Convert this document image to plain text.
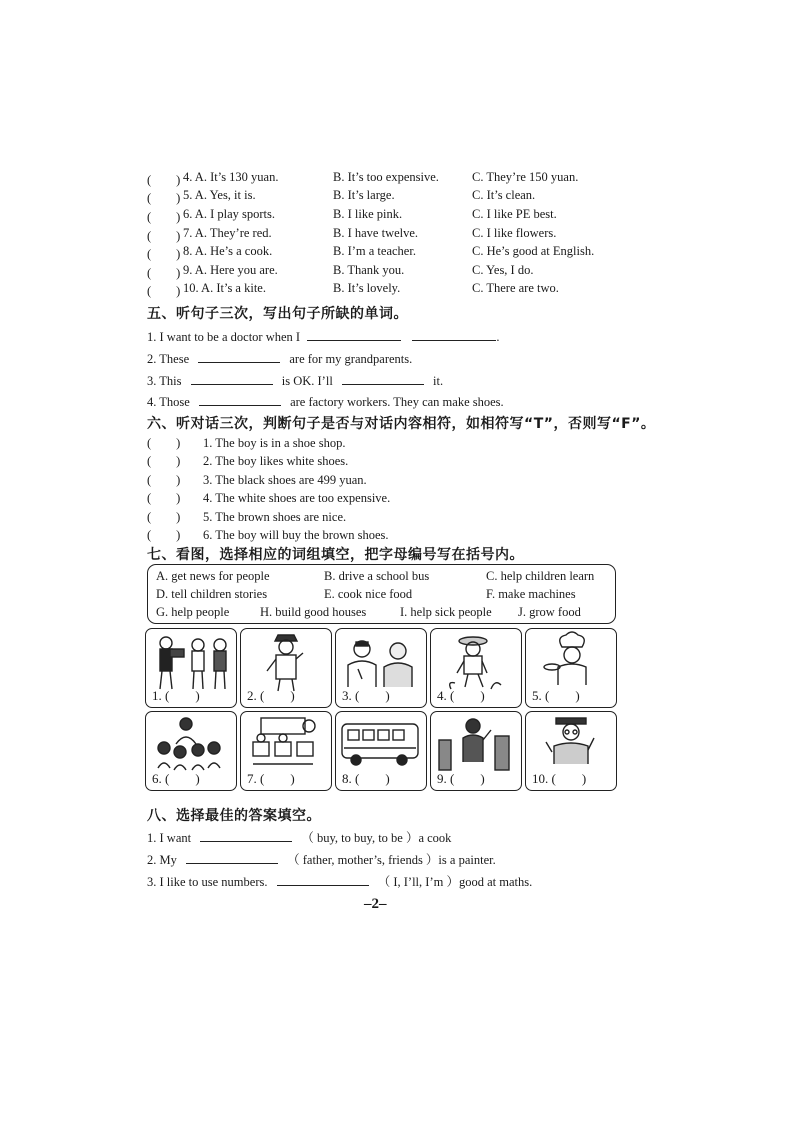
(　　) 4. A. It’s 130 yuan.	B. It’s too expensive.	C. They’re 150 yuan.
(　　) 5. A. Yes, it is.	B. It’s large.	C. It’s clean.
(　　) 6. A. I play sports.	B. I like pink.	C. I like PE best.
(　　) 7. A. They’re red.	B. I have twelve.	C. I like flowers.
(　　) 8. A. He’s a cook.	B. I’m a teacher.	C. He’s good at English.
(　　) 9. A. Here you are.	B. Thank you.	C. Yes, I do.
(　　) 10. A. It’s a kite.	B. It’s lovely.	C. There are two.
五、听句子三次，写出句子所缺的单词。
1. I want to be a doctor when I	.
2. These	are for my grandparents.
3. This	is OK. I’ll	it.
4. Those	are factory workers. They can make shoes.
六、听对话三次，判断句子是否与对话内容相符，如相符写“T”，否则写“F”。
(　　) 1. The boy is in a shoe shop.
(　　) 2. The boy likes white shoes.
(　　) 3. The black shoes are 499 yuan.
(　　) 4. The white shoes are too expensive.
(　　) 5. The brown shoes are nice.
(　　) 6. The boy will buy the brown shoes.
七、看图，选择相应的词组填空，把字母编号写在括号内。
A. get news for people	B. drive a school bus	C. help children learn
D. tell children stories	E. cook nice food	F. make machines
G. help people H. build good houses	I. help sick people J. grow food
1. (　　)	2. (　　)	3. (　　)	4. (　　)	5. (　　)
6. (　　)	7. (　　)	8. (　　)	9. (　　)	10. (　　)
八、选择最佳的答案填空。
1. I want	（ buy, to buy, to be ）a cook
2. My	（ father, mother’s, friends ）is a painter.
3. I like to use numbers.	（ I, I’ll, I’m ）good at maths.
–2–
